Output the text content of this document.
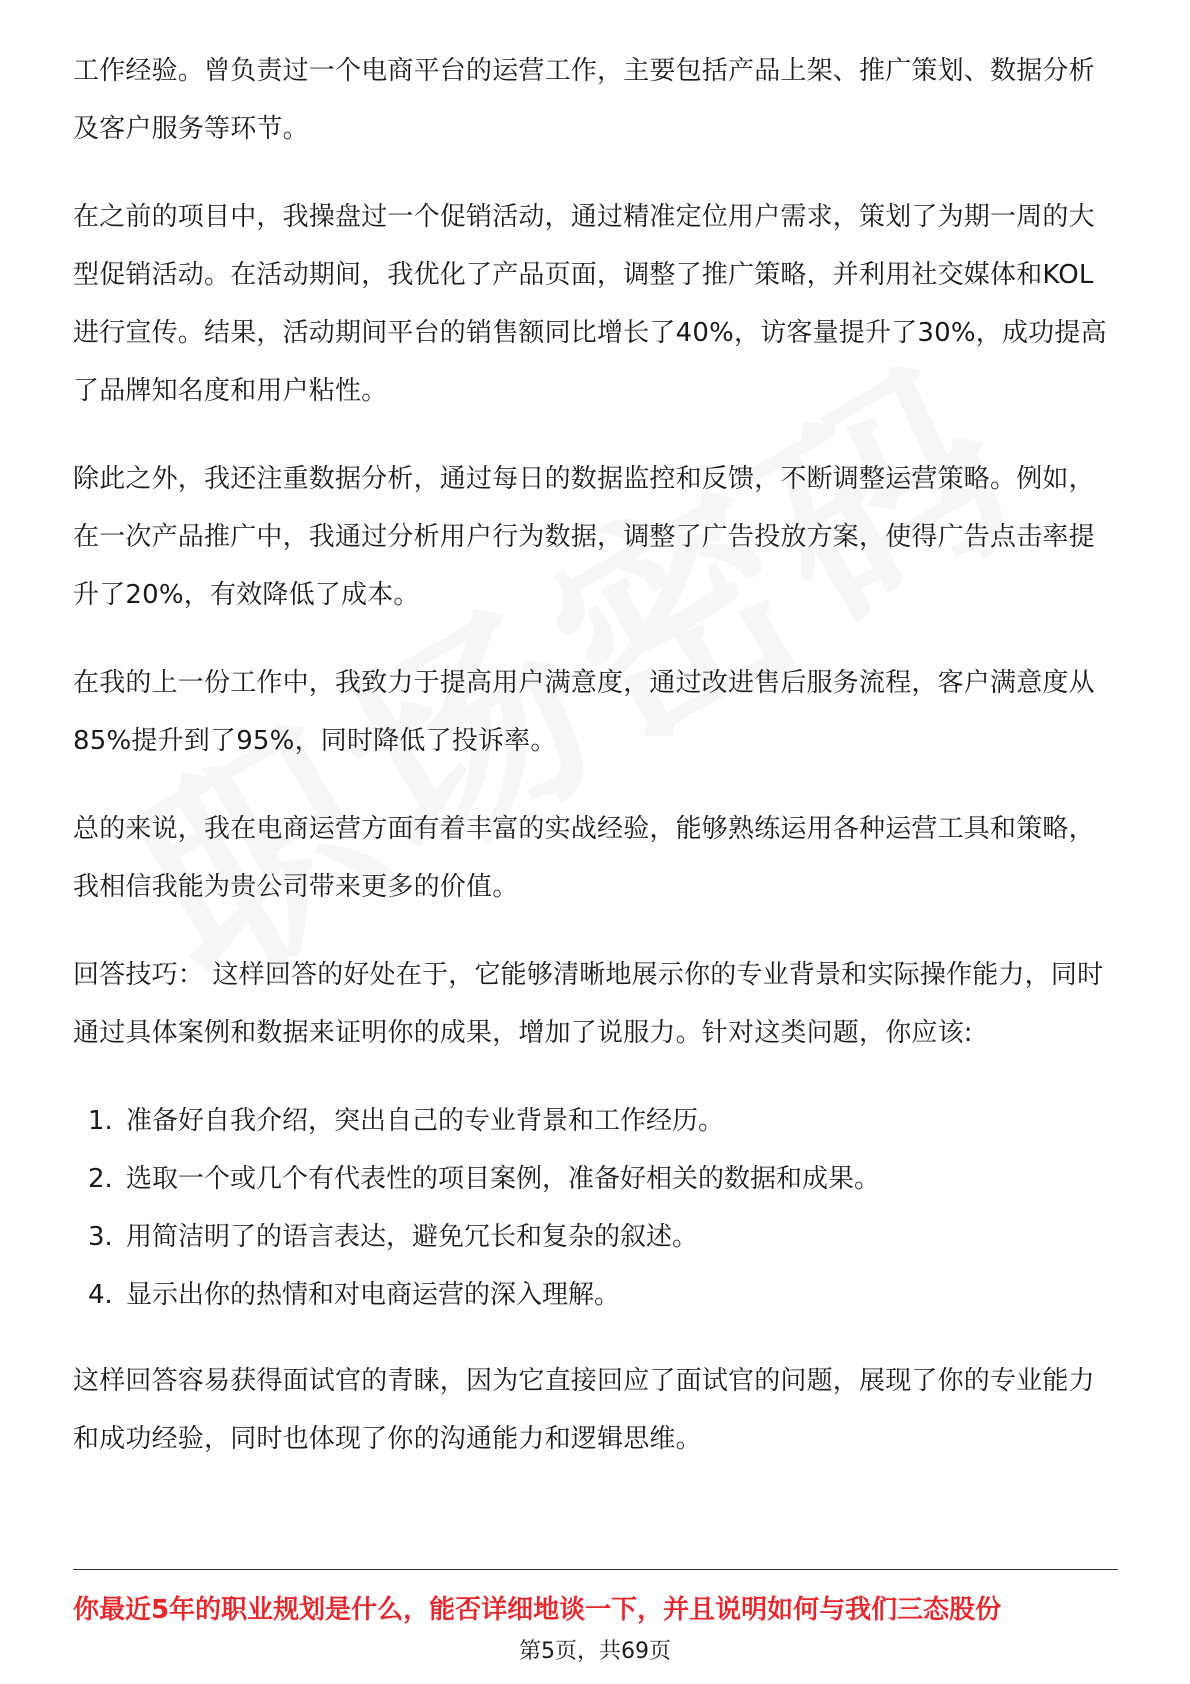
工作经验。曾负责过一个电商平台的运营工作，主要包括产品上架、推广策划、数据分析及客户服务等环节。

在之前的项目中，我操盘过一个促销活动，通过精准定位用户需求，策划了为期一周的大型促销活动。在活动期间，我优化了产品页面，调整了推广策略，并利用社交媒体和KOL进行宣传。结果，活动期间平台的销售额同比增长了40%，访客量提升了30%，成功提高了品牌知名度和用户粘性。

除此之外，我还注重数据分析，通过每日的数据监控和反馈，不断调整运营策略。例如，在一次产品推广中，我通过分析用户行为数据，调整了广告投放方案，使得广告点击率提升了20%，有效降低了成本。

在我的上一份工作中，我致力于提高用户满意度，通过改进售后服务流程，客户满意度从85%提升到了95%，同时降低了投诉率。

总的来说，我在电商运营方面有着丰富的实战经验，能够熟练运用各种运营工具和策略，我相信我能为贵公司带来更多的价值。

回答技巧： 这样回答的好处在于，它能够清晰地展示你的专业背景和实际操作能力，同时通过具体案例和数据来证明你的成果，增加了说服力。针对这类问题，你应该:

1. 准备好自我介绍，突出自己的专业背景和工作经历。
2. 选取一个或几个有代表性的项目案例，准备好相关的数据和成果。
3. 用简洁明了的语言表达，避免冗长和复杂的叙述。
4. 显示出你的热情和对电商运营的深入理解。

这样回答容易获得面试官的青睐，因为它直接回应了面试官的问题，展现了你的专业能力和成功经验，同时也体现了你的沟通能力和逻辑思维。

你最近5年的职业规划是什么，能否详细地谈一下，并且说明如何与我们三态股份
第5页，共69页
